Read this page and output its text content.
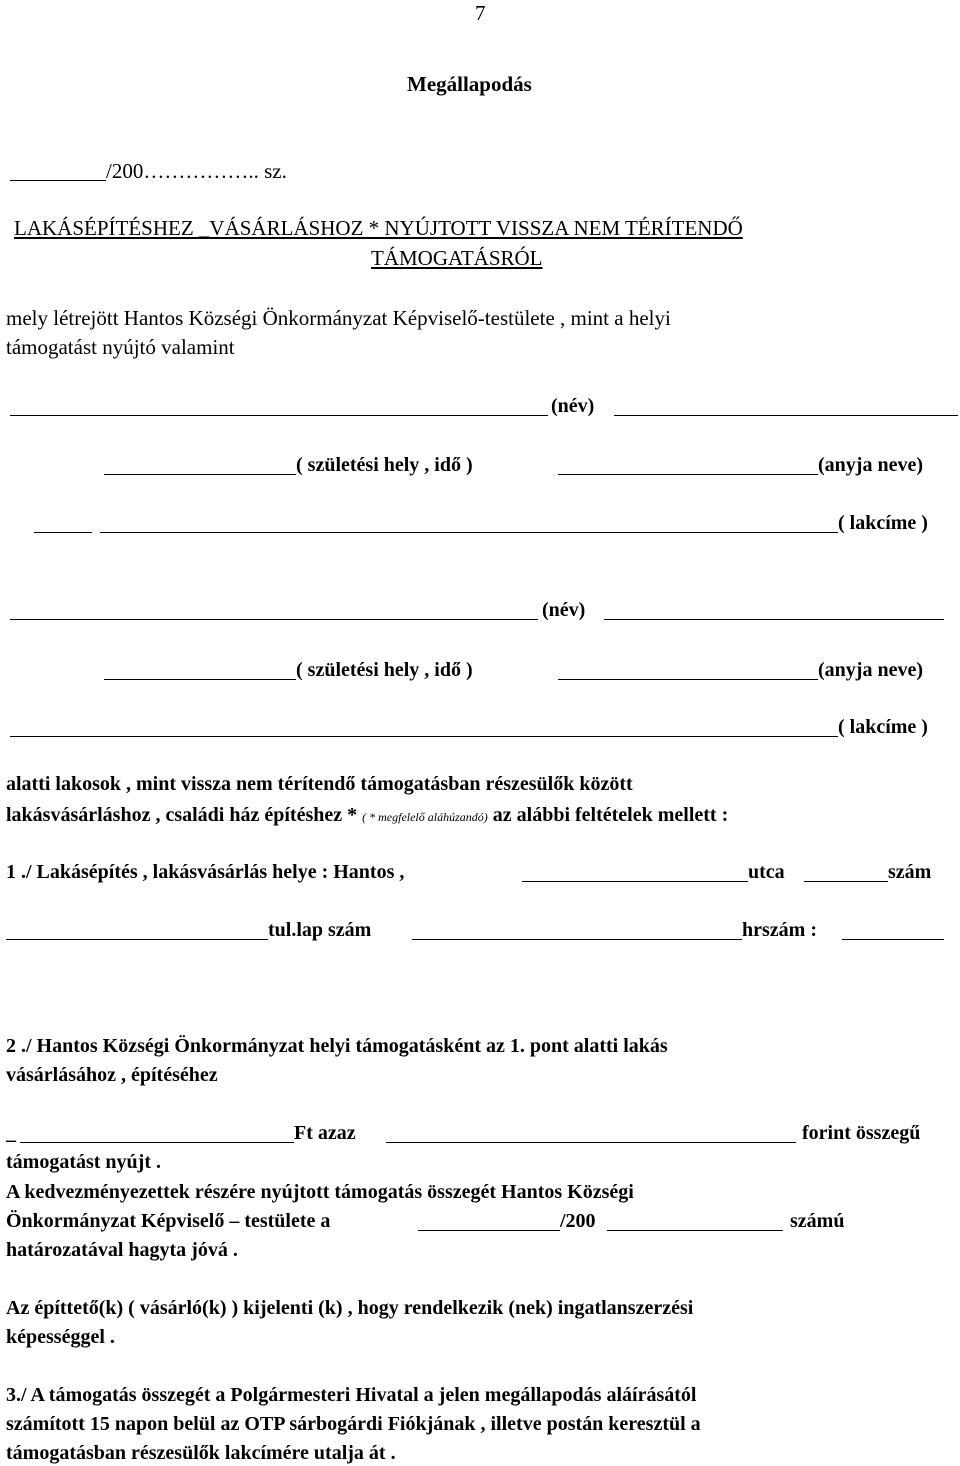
7
Megállapodás
/200…………….. sz.
LAKÁSÉPÍTÉSHEZ _VÁSÁRLÁSHOZ * NYÚJTOTT VISSZA NEM TÉRÍTENDŐ
TÁMOGATÁSRÓL
mely létrejött Hantos Községi Önkormányzat Képviselő-testülete , mint a helyi
támogatást nyújtó valamint
(név)
( születési hely , idő )	(anyja neve)
( lakcíme )
(név)
( születési hely , idő )	(anyja neve)
( lakcíme )
alatti lakosok , mint vissza nem térítendő támogatásban részesülők között
lakásvásárláshoz , családi ház építéshez * ( * megfelelő aláhúzandó) az alábbi feltételek mellett :
1 ./ Lakásépítés , lakásvásárlás helye : Hantos ,	utca	szám
tul.lap szám	hrszám :
2 ./ Hantos Községi Önkormányzat helyi támogatásként az 1. pont alatti lakás
vásárlásához , építéséhez
_	Ft azaz	forint összegű
támogatást nyújt .
A kedvezményezettek részére nyújtott támogatás összegét Hantos Községi
Önkormányzat Képviselő – testülete a	/200	számú
határozatával hagyta jóvá .
Az építtető(k) ( vásárló(k) ) kijelenti (k) , hogy rendelkezik (nek) ingatlanszerzési
képességgel .
3./ A támogatás összegét a Polgármesteri Hivatal a jelen megállapodás aláírásától
számított 15 napon belül az OTP sárbogárdi Fiókjának , illetve postán keresztül a
támogatásban részesülők lakcímére utalja át .
